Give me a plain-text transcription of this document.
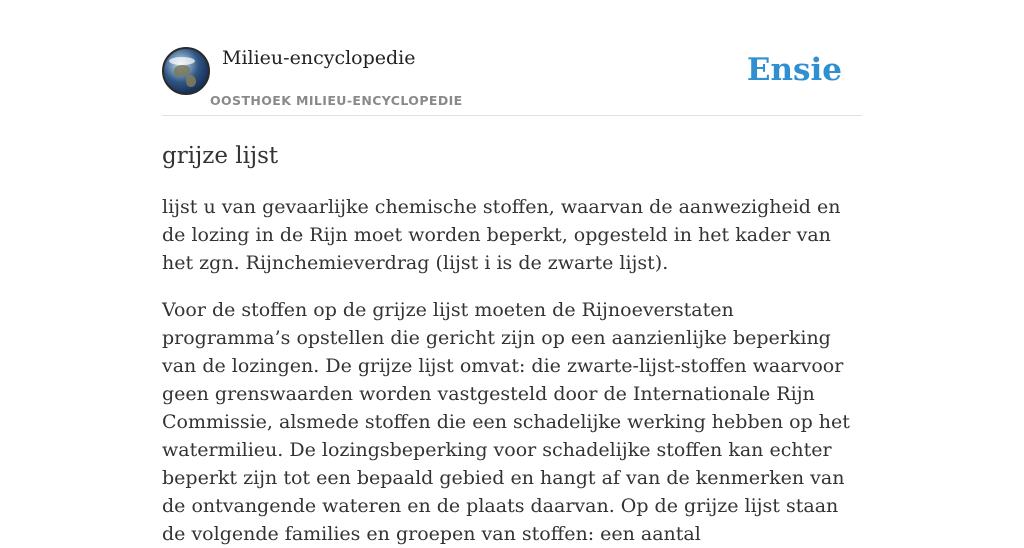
Milieu-encyclopedie
OOSTHOEK MILIEU-ENCYCLOPEDIE
Ensie
grijze lijst

lijst u van gevaarlijke chemische stoffen, waarvan de aanwezigheid en de lozing in de Rijn moet worden beperkt, opgesteld in het kader van het zgn. Rijnchemieverdrag (lijst i is de zwarte lijst).

Voor de stoffen op de grijze lijst moeten de Rijnoeverstaten programma’s opstellen die gericht zijn op een aanzienlijke beperking van de lozingen. De grijze lijst omvat: die zwarte-lijst-stoffen waarvoor geen grenswaarden worden vastgesteld door de Internationale Rijn Commissie, alsmede stoffen die een schadelijke werking hebben op het watermilieu. De lozingsbeperking voor schadelijke stoffen kan echter beperkt zijn tot een bepaald gebied en hangt af van de kenmerken van de ontvangende wateren en de plaats daarvan. Op de grijze lijst staan de volgende families en groepen van stoffen: een aantal
